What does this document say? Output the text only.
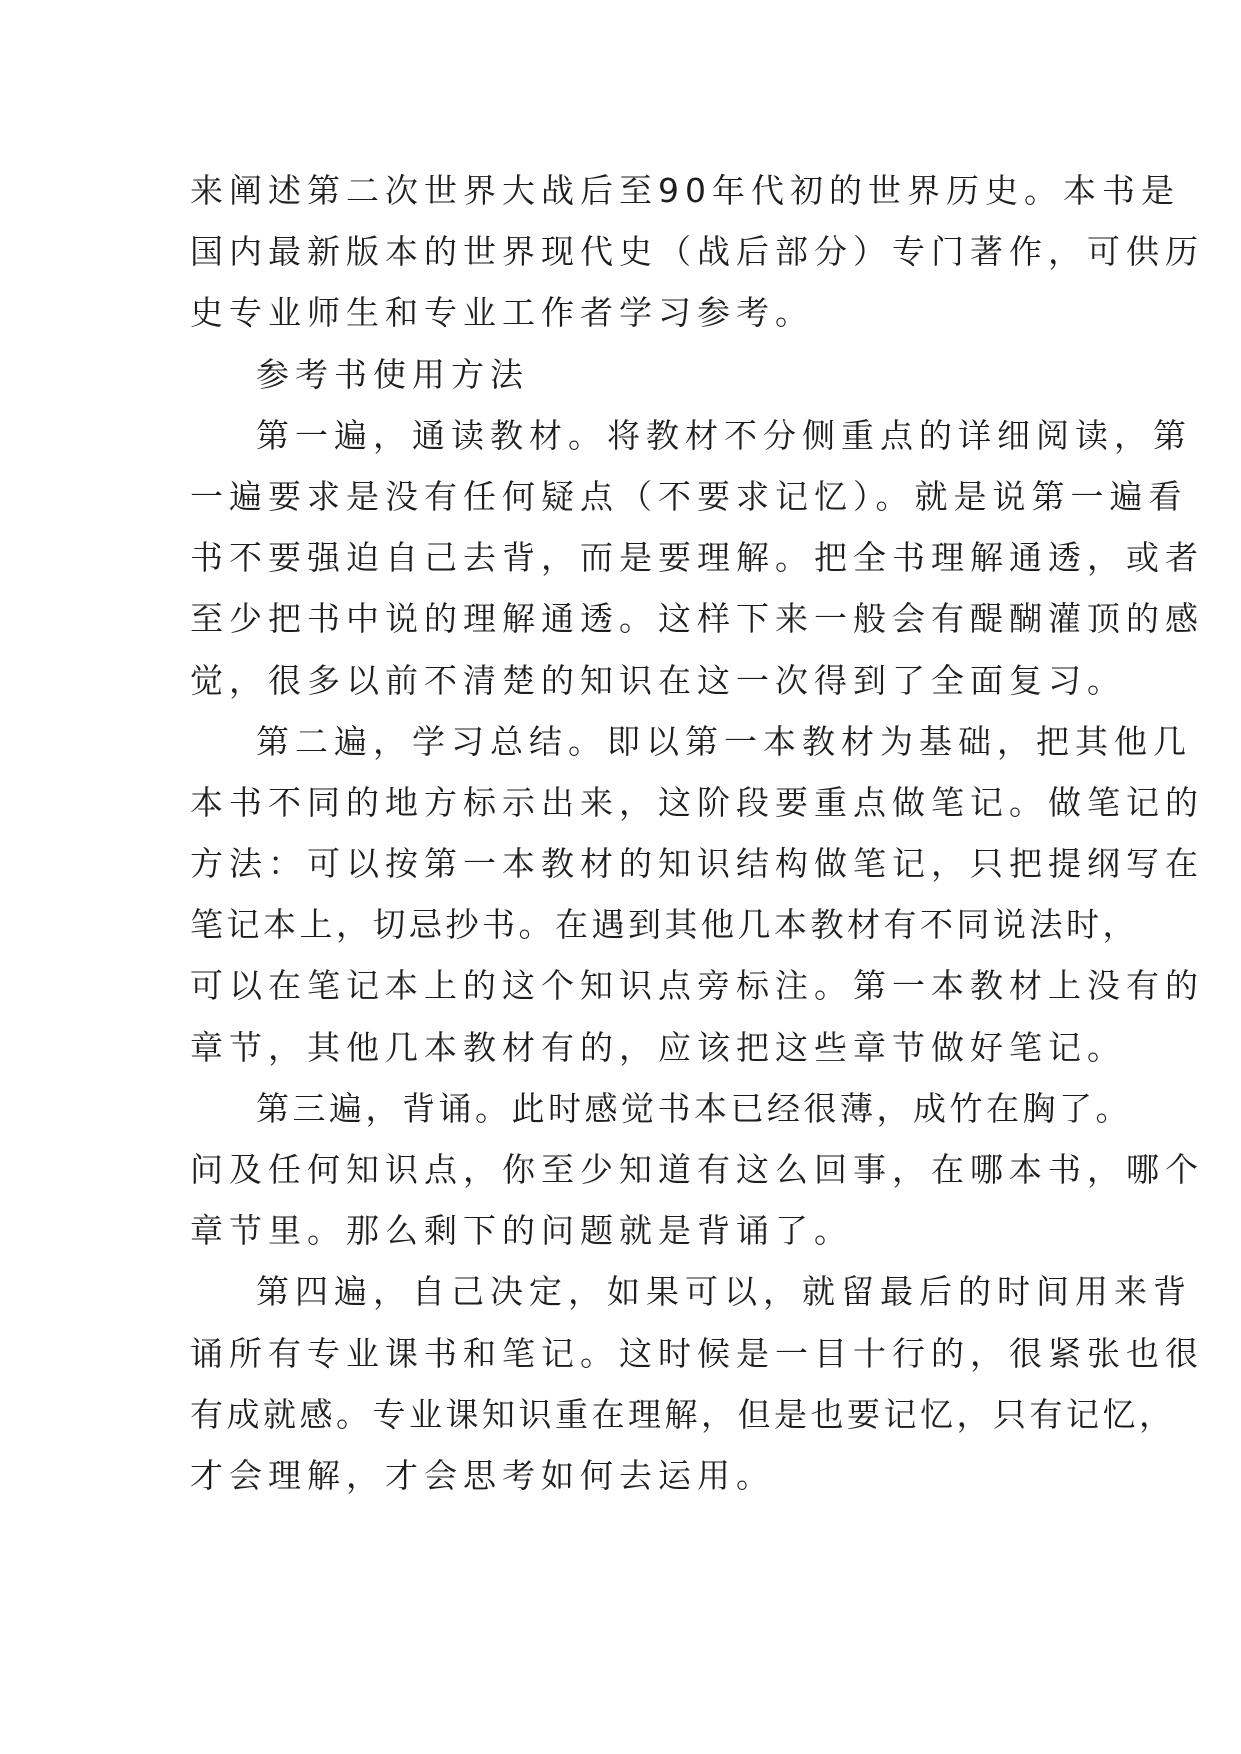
来阐述第二次世界大战后至90年代初的世界历史。本书是
国内最新版本的世界现代史（战后部分）专门著作，可供历
史专业师生和专业工作者学习参考。
参考书使用方法
第一遍，通读教材。将教材不分侧重点的详细阅读，第
一遍要求是没有任何疑点（不要求记忆）。就是说第一遍看
书不要强迫自己去背，而是要理解。把全书理解通透，或者
至少把书中说的理解通透。这样下来一般会有醍醐灌顶的感
觉，很多以前不清楚的知识在这一次得到了全面复习。
第二遍，学习总结。即以第一本教材为基础，把其他几
本书不同的地方标示出来，这阶段要重点做笔记。做笔记的
方法：可以按第一本教材的知识结构做笔记，只把提纲写在
笔记本上，切忌抄书。在遇到其他几本教材有不同说法时，
可以在笔记本上的这个知识点旁标注。第一本教材上没有的
章节，其他几本教材有的，应该把这些章节做好笔记。
第三遍，背诵。此时感觉书本已经很薄，成竹在胸了。
问及任何知识点，你至少知道有这么回事，在哪本书，哪个
章节里。那么剩下的问题就是背诵了。
第四遍，自己决定，如果可以，就留最后的时间用来背
诵所有专业课书和笔记。这时候是一目十行的，很紧张也很
有成就感。专业课知识重在理解，但是也要记忆，只有记忆，
才会理解，才会思考如何去运用。
